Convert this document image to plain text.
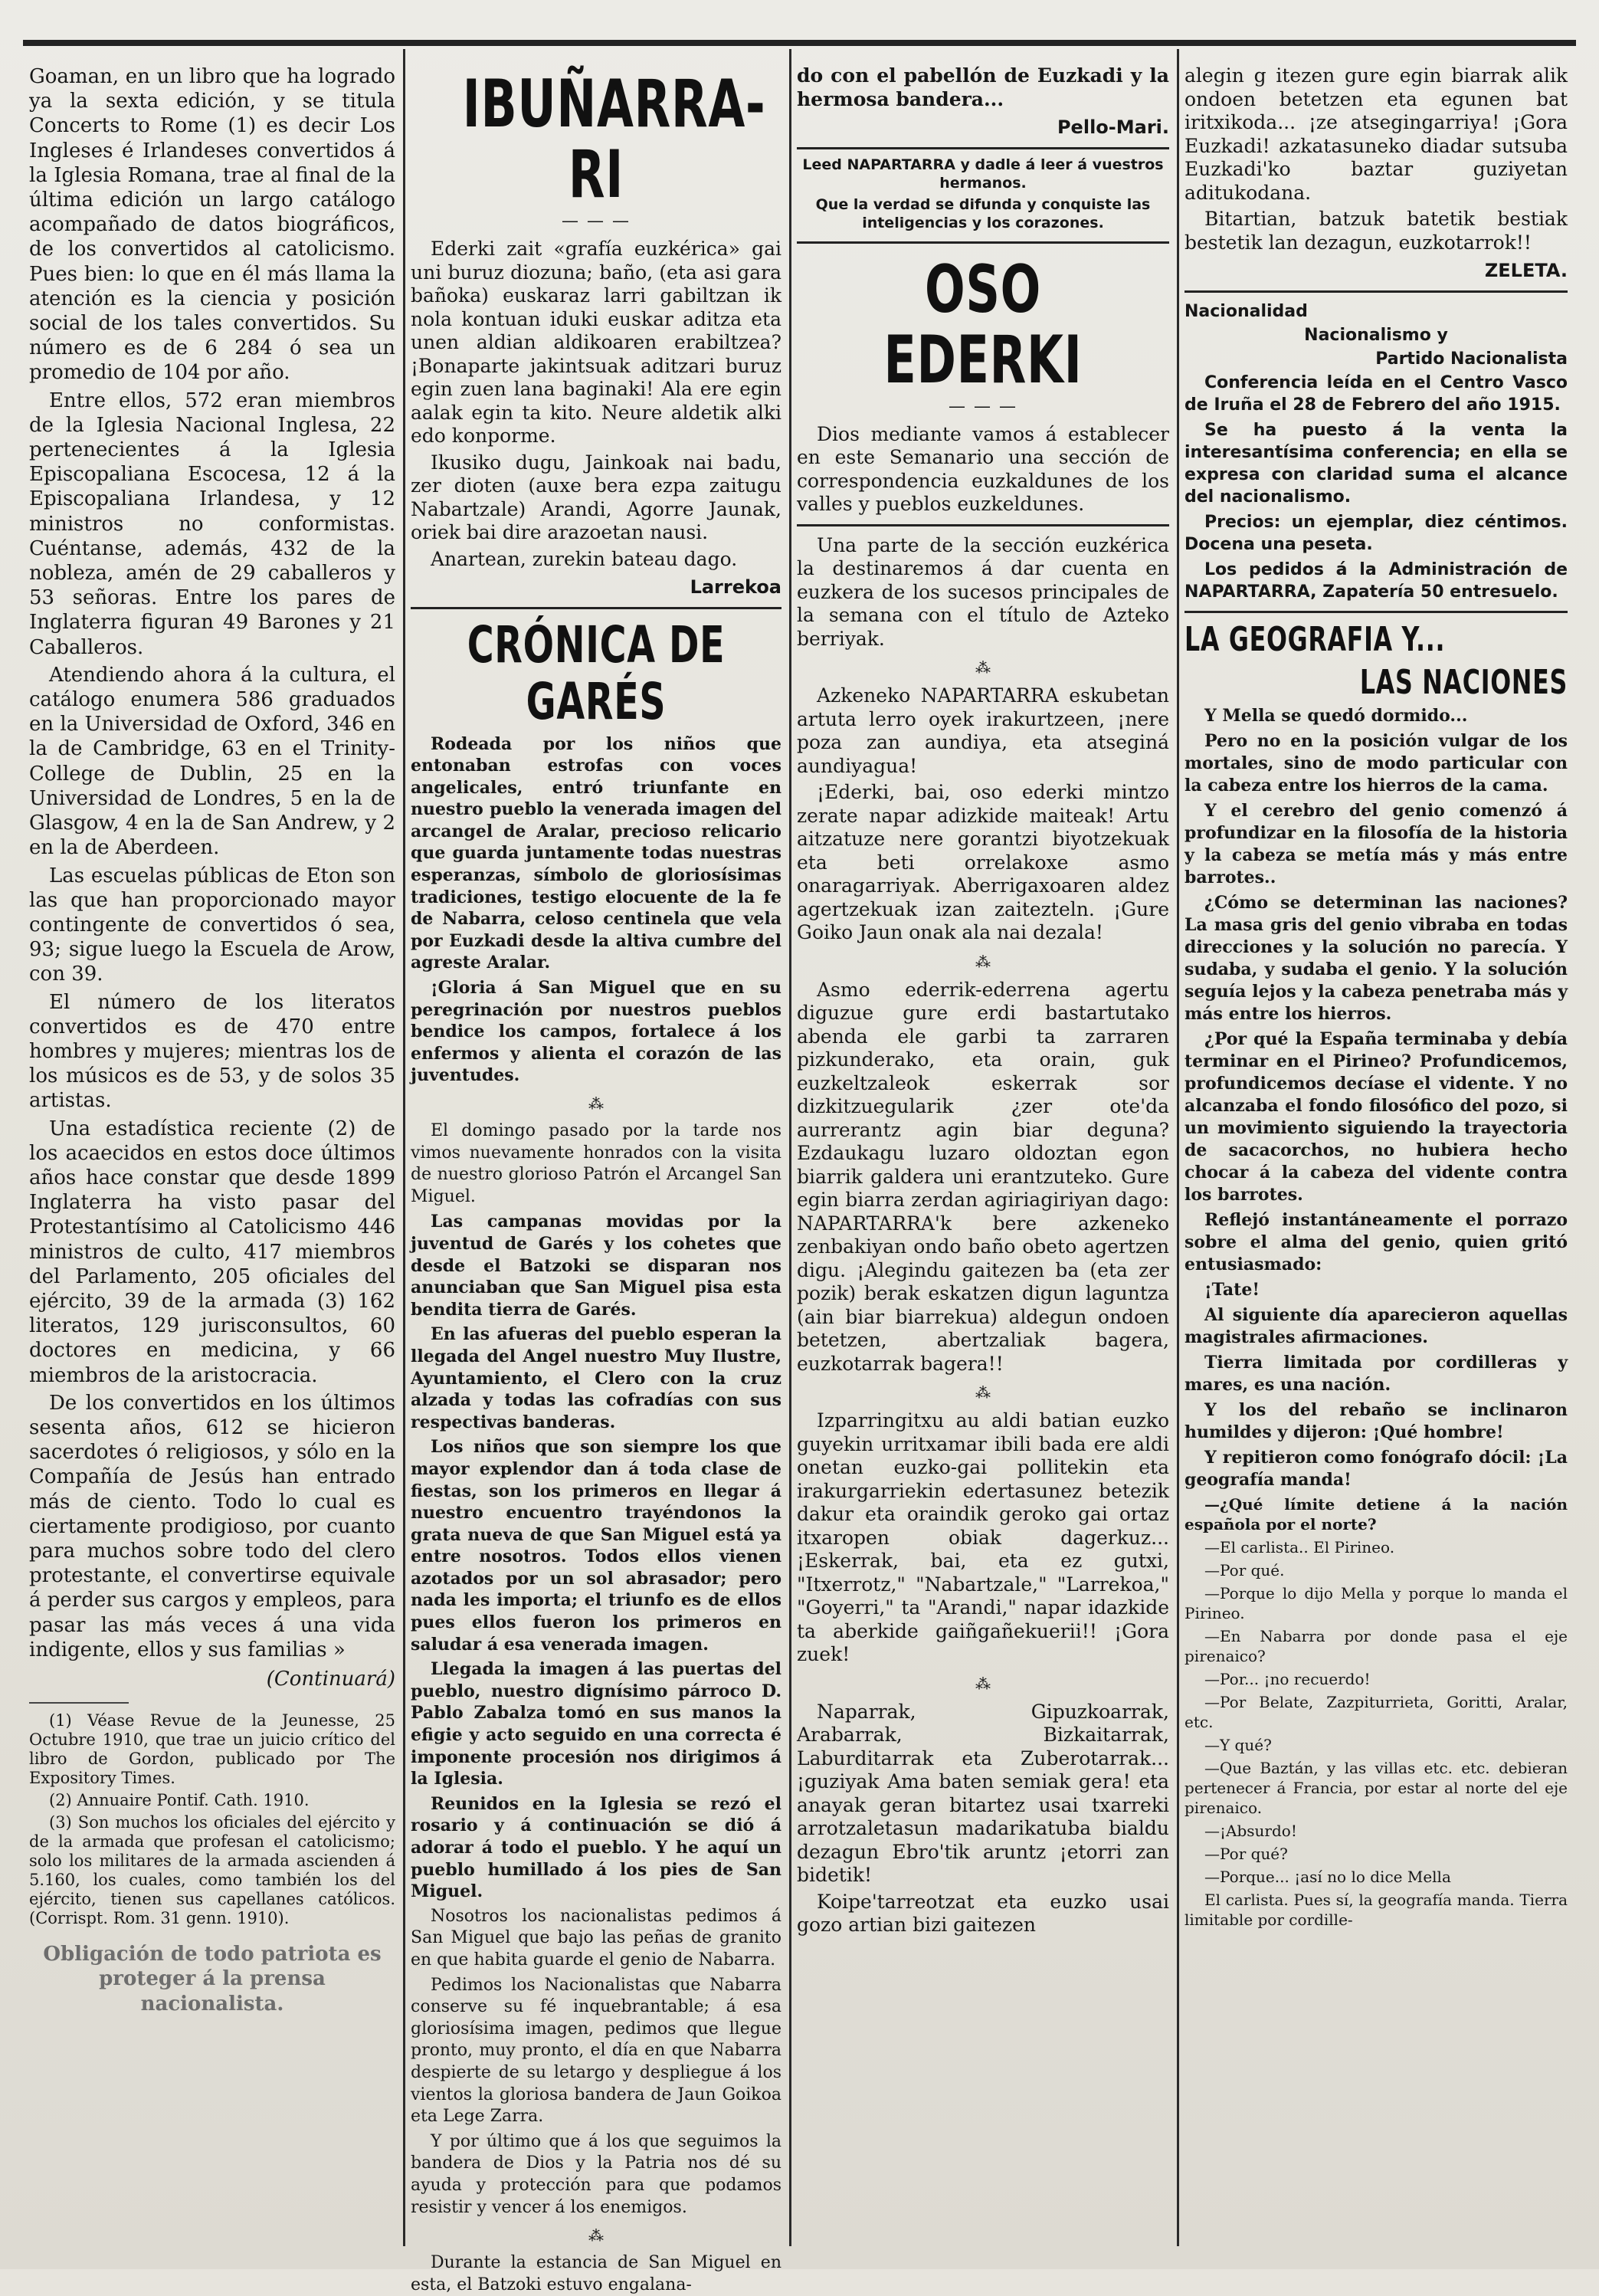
Goaman, en un libro que ha logrado ya la sexta edición, y se titula Concerts to Rome (1) es decir Los Ingleses é Irlandeses convertidos á la Iglesia Romana, trae al final de la última edición un largo catálogo acompañado de datos biográficos, de los convertidos al catolicismo. Pues bien: lo que en él más llama la atención es la ciencia y posición social de los tales convertidos. Su número es de 6 284 ó sea un promedio de 104 por año.

Entre ellos, 572 eran miembros de la Iglesia Nacional Inglesa, 22 pertenecientes á la Iglesia Episcopaliana Escocesa, 12 á la Episcopaliana Irlandesa, y 12 ministros no conformistas. Cuéntanse, además, 432 de la nobleza, amén de 29 caballeros y 53 señoras. Entre los pares de Inglaterra figuran 49 Barones y 21 Caballeros.

Atendiendo ahora á la cultura, el catálogo enumera 586 graduados en la Universidad de Oxford, 346 en la de Cambridge, 63 en el Trinity-College de Dublin, 25 en la Universidad de Londres, 5 en la de Glasgow, 4 en la de San Andrew, y 2 en la de Aberdeen.

Las escuelas públicas de Eton son las que han proporcionado mayor contingente de convertidos ó sea, 93; sigue luego la Escuela de Arow, con 39.

El número de los literatos convertidos es de 470 entre hombres y mujeres; mientras los de los músicos es de 53, y de solos 35 artistas.

Una estadística reciente (2) de los acaecidos en estos doce últimos años hace constar que desde 1899 Inglaterra ha visto pasar del Protestantísimo al Catolicismo 446 ministros de culto, 417 miembros del Parlamento, 205 oficiales del ejército, 39 de la armada (3) 162 literatos, 129 jurisconsultos, 60 doctores en medicina, y 66 miembros de la aristocracia.

De los convertidos en los últimos sesenta años, 612 se hicieron sacerdotes ó religiosos, y sólo en la Compañía de Jesús han entrado más de ciento. Todo lo cual es ciertamente prodigioso, por cuanto para muchos sobre todo del clero protestante, el convertirse equivale á perder sus cargos y empleos, para pasar las más veces á una vida indigente, ellos y sus familias »

(Continuará)

(1) Véase Revue de la Jeunesse, 25 Octubre 1910, que trae un juicio crítico del libro de Gordon, publicado por The Expository Times.

(2) Annuaire Pontif. Cath. 1910.

(3) Son muchos los oficiales del ejército y de la armada que profesan el catolicismo; solo los militares de la armada ascienden á 5.160, los cuales, como también los del ejército, tienen sus capellanes católicos. (Corrispt. Rom. 31 genn. 1910).

Obligación de todo patriota es proteger á la prensa nacionalista.

IBUÑARRA-RI
— — —

Ederki zait «grafía euzkérica» gai uni buruz diozuna; baño, (eta asi gara bañoka) euskaraz larri gabiltzan ik nola kontuan iduki euskar aditza eta unen aldian aldikoaren erabiltzea? ¡Bonaparte jakintsuak aditzari buruz egin zuen lana baginaki! Ala ere egin aalak egin ta kito. Neure aldetik alki edo konporme.

Ikusiko dugu, Jainkoak nai badu, zer dioten (auxe bera ezpa zaitugu Nabartzale) Arandi, Agorre Jaunak, oriek bai dire arazoetan nausi.

Anartean, zurekin bateau dago.

Larrekoa

CRÓNICA DE GARÉS

Rodeada por los niños que entonaban estrofas con voces angelicales, entró triunfante en nuestro pueblo la venerada imagen del arcangel de Aralar, precioso relicario que guarda juntamente todas nuestras esperanzas, símbolo de gloriosísimas tradiciones, testigo elocuente de la fe de Nabarra, celoso centinela que vela por Euzkadi desde la altiva cumbre del agreste Aralar.

¡Gloria á San Miguel que en su peregrinación por nuestros pueblos bendice los campos, fortalece á los enfermos y alienta el corazón de las juventudes.

⁂

El domingo pasado por la tarde nos vimos nuevamente honrados con la visita de nuestro glorioso Patrón el Arcangel San Miguel.

Las campanas movidas por la juventud de Garés y los cohetes que desde el Batzoki se disparan nos anunciaban que San Miguel pisa esta bendita tierra de Garés.

En las afueras del pueblo esperan la llegada del Angel nuestro Muy Ilustre, Ayuntamiento, el Clero con la cruz alzada y todas las cofradías con sus respectivas banderas.

Los niños que son siempre los que mayor explendor dan á toda clase de fiestas, son los primeros en llegar á nuestro encuentro trayéndonos la grata nueva de que San Miguel está ya entre nosotros. Todos ellos vienen azotados por un sol abrasador; pero nada les importa; el triunfo es de ellos pues ellos fueron los primeros en saludar á esa venerada imagen.

Llegada la imagen á las puertas del pueblo, nuestro dignísimo párroco D. Pablo Zabalza tomó en sus manos la efigie y acto seguido en una correcta é imponente procesión nos dirigimos á la Iglesia.

Reunidos en la Iglesia se rezó el rosario y á continuación se dió á adorar á todo el pueblo. Y he aquí un pueblo humillado á los pies de San Miguel.

Nosotros los nacionalistas pedimos á San Miguel que bajo las peñas de granito en que habita guarde el genio de Nabarra.

Pedimos los Nacionalistas que Nabarra conserve su fé inquebrantable; á esa gloriosísima imagen, pedimos que llegue pronto, muy pronto, el día en que Nabarra despierte de su letargo y despliegue á los vientos la gloriosa bandera de Jaun Goikoa eta Lege Zarra.

Y por último que á los que seguimos la bandera de Dios y la Patria nos dé su ayuda y protección para que podamos resistir y vencer á los enemigos.

⁂

Durante la estancia de San Miguel en esta, el Batzoki estuvo engalana-

do con el pabellón de Euzkadi y la hermosa bandera...

Pello-Mari.

Leed NAPARTARRA y dadle á leer á vuestros hermanos.

Que la verdad se difunda y conquiste las inteligencias y los corazones.

OSO EDERKI
— — —

Dios mediante vamos á establecer en este Semanario una sección de correspondencia euzkaldunes de los valles y pueblos euzkeldunes.

Una parte de la sección euzkérica la destinaremos á dar cuenta en euzkera de los sucesos principales de la semana con el título de Azteko berriyak.

⁂

Azkeneko NAPARTARRA eskubetan artuta lerro oyek irakurtzeen, ¡nere poza zan aundiya, eta atseginá aundiyagua!

¡Ederki, bai, oso ederki mintzo zerate napar adizkide maiteak! Artu aitzatuze nere gorantzi biyotzekuak eta beti orrelakoxe asmo onaragarriyak. Aberrigaxoaren aldez agertzekuak izan zaitezteln. ¡Gure Goiko Jaun onak ala nai dezala!

⁂

Asmo ederrik-ederrena agertu diguzue gure erdi bastartutako abenda ele garbi ta zarraren pizkunderako, eta orain, guk euzkeltzaleok eskerrak sor dizkitzuegularik ¿zer ote'da aurrerantz agin biar deguna? Ezdaukagu luzaro oldoztan egon biarrik galdera uni erantzuteko. Gure egin biarra zerdan agiriagiriyan dago: NAPARTARRA'k bere azkeneko zenbakiyan ondo baño obeto agertzen digu. ¡Alegindu gaitezen ba (eta zer pozik) berak eskatzen digun laguntza (ain biar biarrekua) aldegun ondoen betetzen, abertzaliak bagera, euzkotarrak bagera!!

⁂

Izparringitxu au aldi batian euzko guyekin urritxamar ibili bada ere aldi onetan euzko-gai pollitekin eta irakurgarriekin edertasunez betezik dakur eta oraindik geroko gai ortaz itxaropen obiak dagerkuz... ¡Eskerrak, bai, eta ez gutxi, "Itxerrotz," "Nabartzale," "Larrekoa," "Goyerri," ta "Arandi," napar idazkide ta aberkide gaiñgañekuerii!! ¡Gora zuek!

⁂

Naparrak, Gipuzkoarrak, Arabarrak, Bizkaitarrak, Laburditarrak eta Zuberotarrak... ¡guziyak Ama baten semiak gera! eta anayak geran bitartez usai txarreki arrotzaletasun madarikatuba bialdu dezagun Ebro'tik aruntz ¡etorri zan bidetik!

Koipe'tarreotzat eta euzko usai gozo artian bizi gaitezen

alegin g itezen gure egin biarrak alik ondoen betetzen eta egunen bat iritxikoda... ¡ze atsegingarriya! ¡Gora Euzkadi! azkatasuneko diadar sutsuba Euzkadi'ko baztar guziyetan aditukodana.

Bitartian, batzuk batetik bestiak bestetik lan dezagun, euzkotarrok!!

ZELETA.

Nacionalidad

Nacionalismo y

Partido Nacionalista

Conferencia leída en el Centro Vasco de Iruña el 28 de Febrero del año 1915.

Se ha puesto á la venta la interesantísima conferencia; en ella se expresa con claridad suma el alcance del nacionalismo.

Precios: un ejemplar, diez céntimos. Docena una peseta.

Los pedidos á la Administración de NAPARTARRA, Zapatería 50 entresuelo.

LA GEOGRAFIA Y...
LAS NACIONES

Y Mella se quedó dormido...

Pero no en la posición vulgar de los mortales, sino de modo particular con la cabeza entre los hierros de la cama.

Y el cerebro del genio comenzó á profundizar en la filosofía de la historia y la cabeza se metía más y más entre barrotes..

¿Cómo se determinan las naciones? La masa gris del genio vibraba en todas direcciones y la solución no parecía. Y sudaba, y sudaba el genio. Y la solución seguía lejos y la cabeza penetraba más y más entre los hierros.

¿Por qué la España terminaba y debía terminar en el Pirineo? Profundicemos, profundicemos decíase el vidente. Y no alcanzaba el fondo filosófico del pozo, si un movimiento siguiendo la trayectoria de sacacorchos, no hubiera hecho chocar á la cabeza del vidente contra los barrotes.

Reflejó instantáneamente el porrazo sobre el alma del genio, quien gritó entusiasmado:

¡Tate!

Al siguiente día aparecieron aquellas magistrales afirmaciones.

Tierra limitada por cordilleras y mares, es una nación.

Y los del rebaño se inclinaron humildes y dijeron: ¡Qué hombre!

Y repitieron como fonógrafo dócil: ¡La geografía manda!

—¿Qué límite detiene á la nación española por el norte?

—El carlista.. El Pirineo.

—Por qué.

—Porque lo dijo Mella y porque lo manda el Pirineo.

—En Nabarra por donde pasa el eje pirenaico?

—Por... ¡no recuerdo!

—Por Belate, Zazpiturrieta, Goritti, Aralar, etc.

—Y qué?

—Que Baztán, y las villas etc. etc. debieran pertenecer á Francia, por estar al norte del eje pirenaico.

—¡Absurdo!

—Por qué?

—Porque... ¡así no lo dice Mella

El carlista. Pues sí, la geografía manda. Tierra limitable por cordille-
